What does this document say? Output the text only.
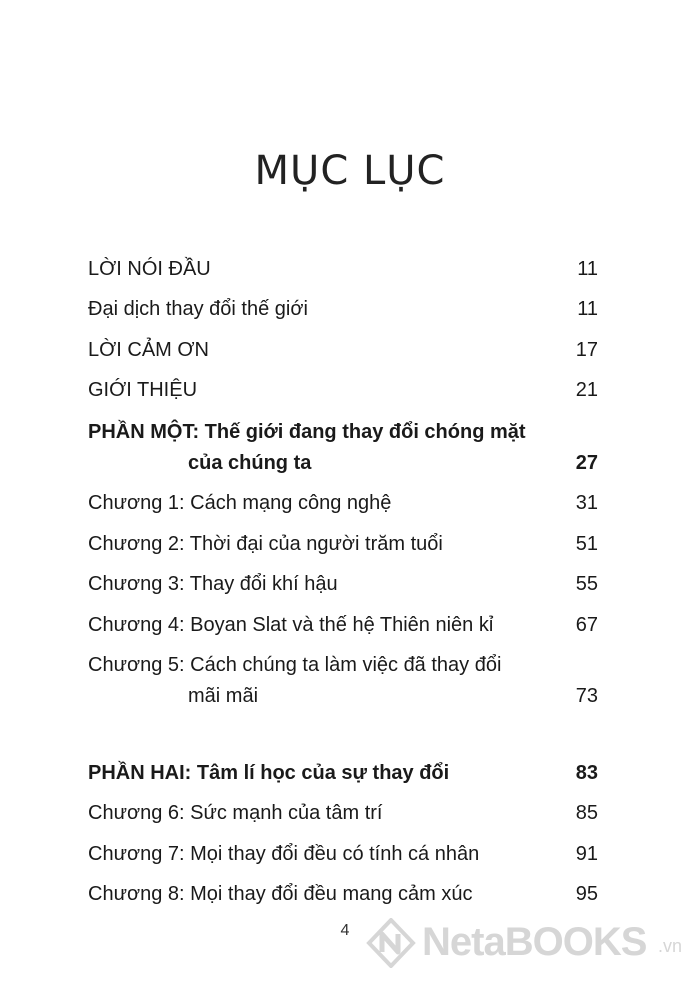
MỤC LỤC
LỜI NÓI ĐẦU	11
Đại dịch thay đổi thế giới	11
LỜI CẢM ƠN	17
GIỚI THIỆU	21
PHẦN MỘT: Thế giới đang thay đổi chóng mặt
của chúng ta	27
Chương 1: Cách mạng công nghệ	31
Chương 2: Thời đại của người trăm tuổi	51
Chương 3: Thay đổi khí hậu	55
Chương 4: Boyan Slat và thế hệ Thiên niên kỉ	67
Chương 5: Cách chúng ta làm việc đã thay đổi
mãi mãi	73
PHẦN HAI: Tâm lí học của sự thay đổi	83
Chương 6: Sức mạnh của tâm trí	85
Chương 7: Mọi thay đổi đều có tính cá nhân	91
Chương 8: Mọi thay đổi đều mang cảm xúc	95
4	NetaBOOKS .vn
